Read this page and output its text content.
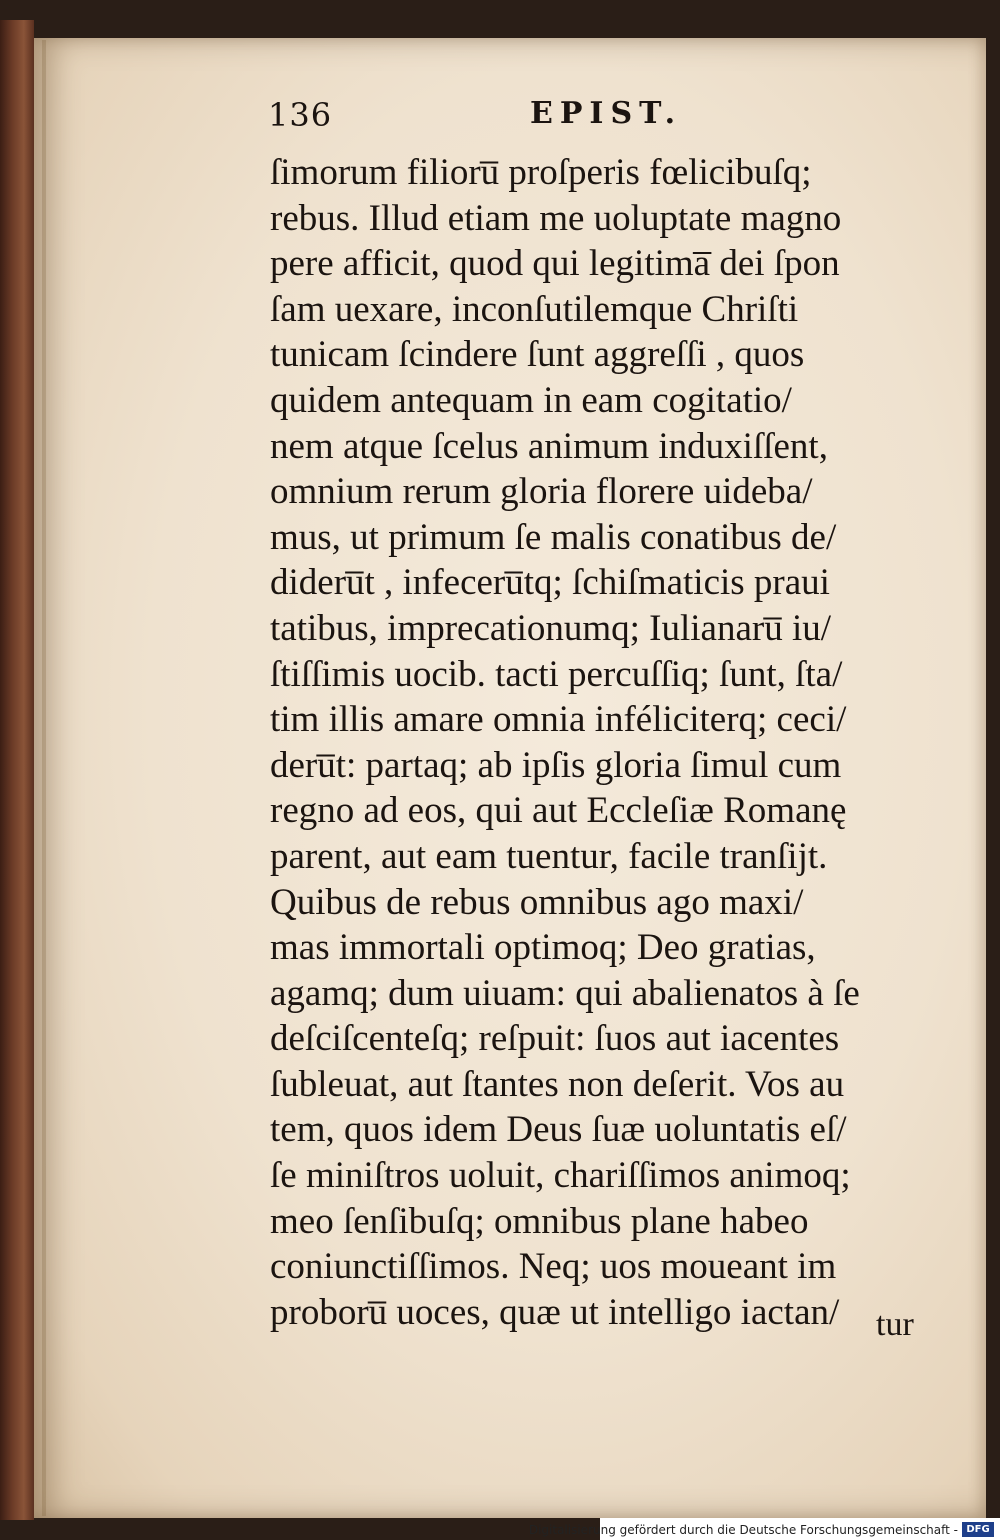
136	EPIST.
ſimorum filioru̅ proſperis fœlicibuſq;
rebus. Illud etiam me uoluptate magno
pere afficit, quod qui legitima̅ dei ſpon
ſam uexare, inconſutilemque Chriſti
tunicam ſcindere ſunt aggreſſi , quos
quidem antequam in eam cogitatio/
nem atque ſcelus animum induxiſſent,
omnium rerum gloria florere uideba/
mus, ut primum ſe malis conatibus de/
dideru̅t , infeceru̅tq; ſchiſmaticis praui
tatibus, imprecationumq; Iulianaru̅ iu/
ſtiſſimis uocib. tacti percuſſiq; ſunt, ſta/
tim illis amare omnia inféliciterq; ceci/
deru̅t: partaq; ab ipſis gloria ſimul cum
regno ad eos, qui aut Eccleſiæ Romanę
parent, aut eam tuentur, facile tranſijt.
Quibus de rebus omnibus ago maxi/
mas immortali optimoq; Deo gratias,
agamq; dum uiuam: qui abalienatos à ſe
deſciſcenteſq; reſpuit: ſuos aut iacentes
ſubleuat, aut ſtantes non deſerit. Vos au
tem, quos idem Deus ſuæ uoluntatis eſ/
ſe miniſtros uoluit, chariſſimos animoq;
meo ſenſibuſq; omnibus plane habeo
coniunctiſſimos. Neq; uos moueant im
proboru̅ uoces, quæ ut intelligo iactan/	tur
Digitalisierung gefördert durch die Deutsche Forschungsgemeinschaft - DFG
